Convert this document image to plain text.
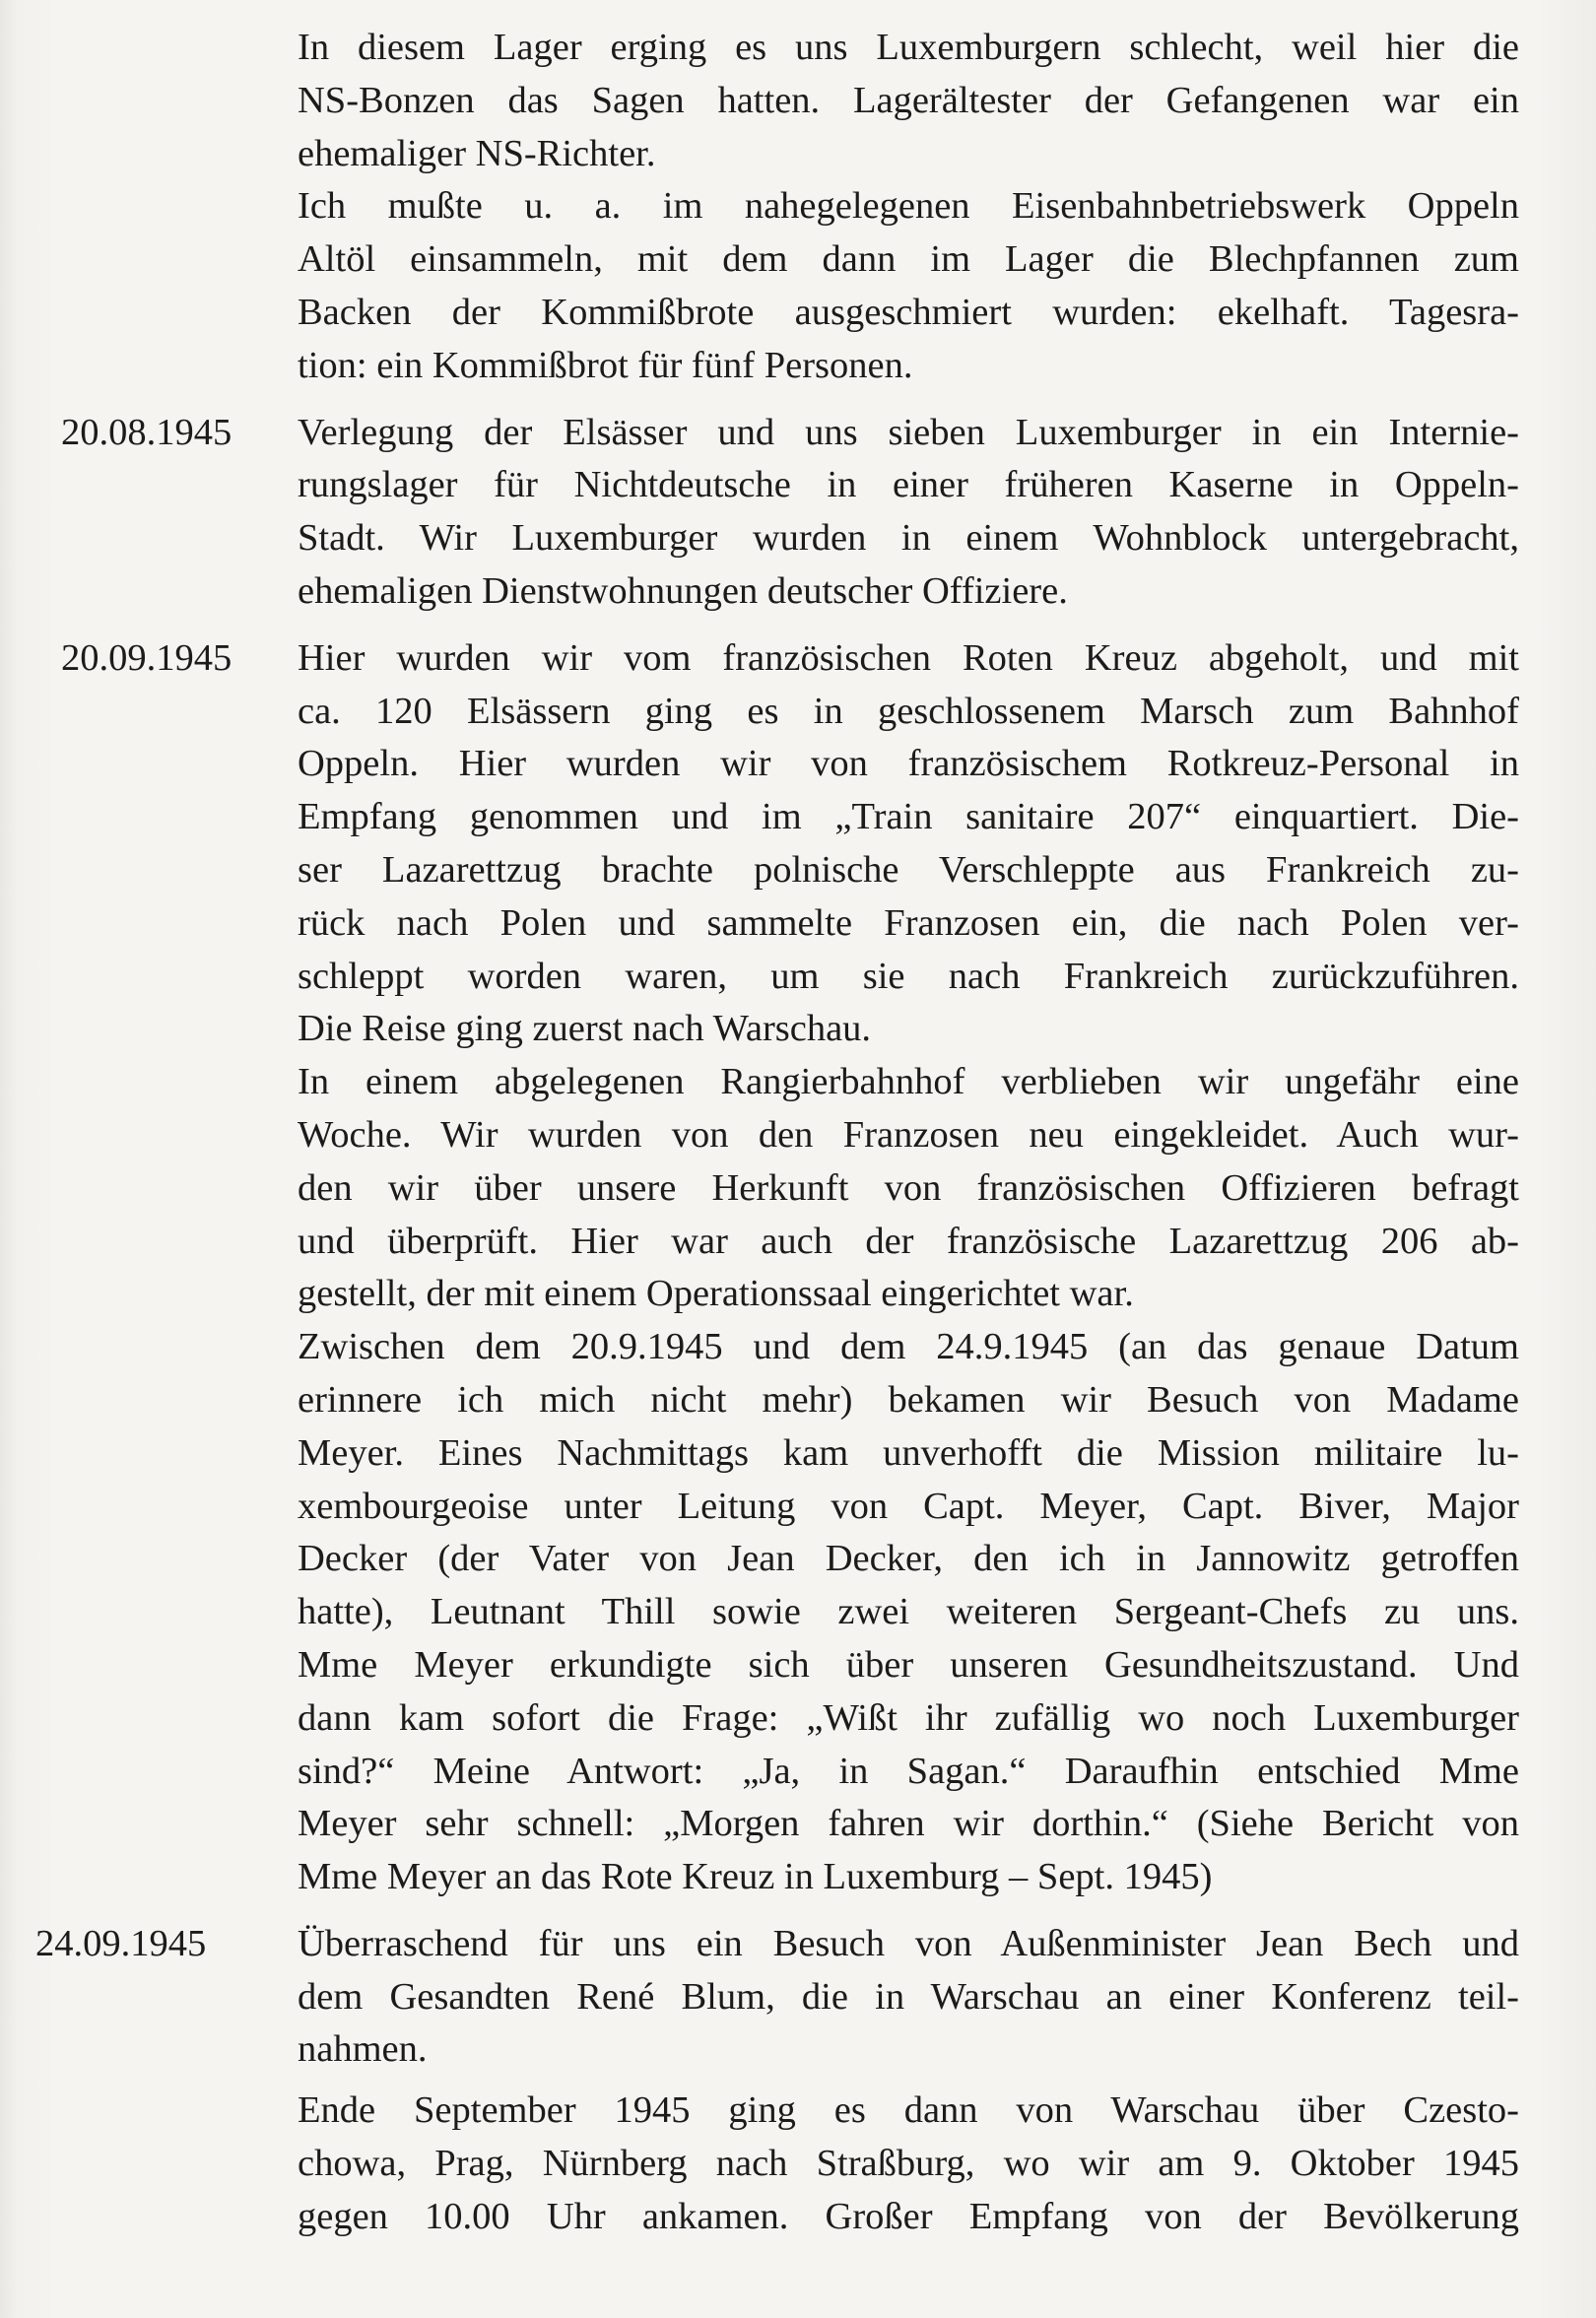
In diesem Lager erging es uns Luxemburgern schlecht, weil hier die
NS-Bonzen das Sagen hatten. Lagerältester der Gefangenen war ein
ehemaliger NS-Richter.
Ich mußte u. a. im nahegelegenen Eisenbahnbetriebswerk Oppeln
Altöl einsammeln, mit dem dann im Lager die Blechpfannen zum
Backen der Kommißbrote ausgeschmiert wurden: ekelhaft. Tagesra-
tion: ein Kommißbrot für fünf Personen.
20.08.1945 Verlegung der Elsässer und uns sieben Luxemburger in ein Internie-
rungslager für Nichtdeutsche in einer früheren Kaserne in Oppeln-
Stadt. Wir Luxemburger wurden in einem Wohnblock untergebracht,
ehemaligen Dienstwohnungen deutscher Offiziere.
20.09.1945 Hier wurden wir vom französischen Roten Kreuz abgeholt, und mit
ca. 120 Elsässern ging es in geschlossenem Marsch zum Bahnhof
Oppeln. Hier wurden wir von französischem Rotkreuz-Personal in
Empfang genommen und im „Train sanitaire 207“ einquartiert. Die-
ser Lazarettzug brachte polnische Verschleppte aus Frankreich zu-
rück nach Polen und sammelte Franzosen ein, die nach Polen ver-
schleppt worden waren, um sie nach Frankreich zurückzuführen.
Die Reise ging zuerst nach Warschau.
In einem abgelegenen Rangierbahnhof verblieben wir ungefähr eine
Woche. Wir wurden von den Franzosen neu eingekleidet. Auch wur-
den wir über unsere Herkunft von französischen Offizieren befragt
und überprüft. Hier war auch der französische Lazarettzug 206 ab-
gestellt, der mit einem Operationssaal eingerichtet war.
Zwischen dem 20.9.1945 und dem 24.9.1945 (an das genaue Datum
erinnere ich mich nicht mehr) bekamen wir Besuch von Madame
Meyer. Eines Nachmittags kam unverhofft die Mission militaire lu-
xembourgeoise unter Leitung von Capt. Meyer, Capt. Biver, Major
Decker (der Vater von Jean Decker, den ich in Jannowitz getroffen
hatte), Leutnant Thill sowie zwei weiteren Sergeant-Chefs zu uns.
Mme Meyer erkundigte sich über unseren Gesundheitszustand. Und
dann kam sofort die Frage: „Wißt ihr zufällig wo noch Luxemburger
sind?“ Meine Antwort: „Ja, in Sagan.“ Daraufhin entschied Mme
Meyer sehr schnell: „Morgen fahren wir dorthin.“ (Siehe Bericht von
Mme Meyer an das Rote Kreuz in Luxemburg – Sept. 1945)
24.09.1945 Überraschend für uns ein Besuch von Außenminister Jean Bech und
dem Gesandten René Blum, die in Warschau an einer Konferenz teil-
nahmen.
Ende September 1945 ging es dann von Warschau über Czesto-
chowa, Prag, Nürnberg nach Straßburg, wo wir am 9. Oktober 1945
gegen 10.00 Uhr ankamen. Großer Empfang von der Bevölkerung
